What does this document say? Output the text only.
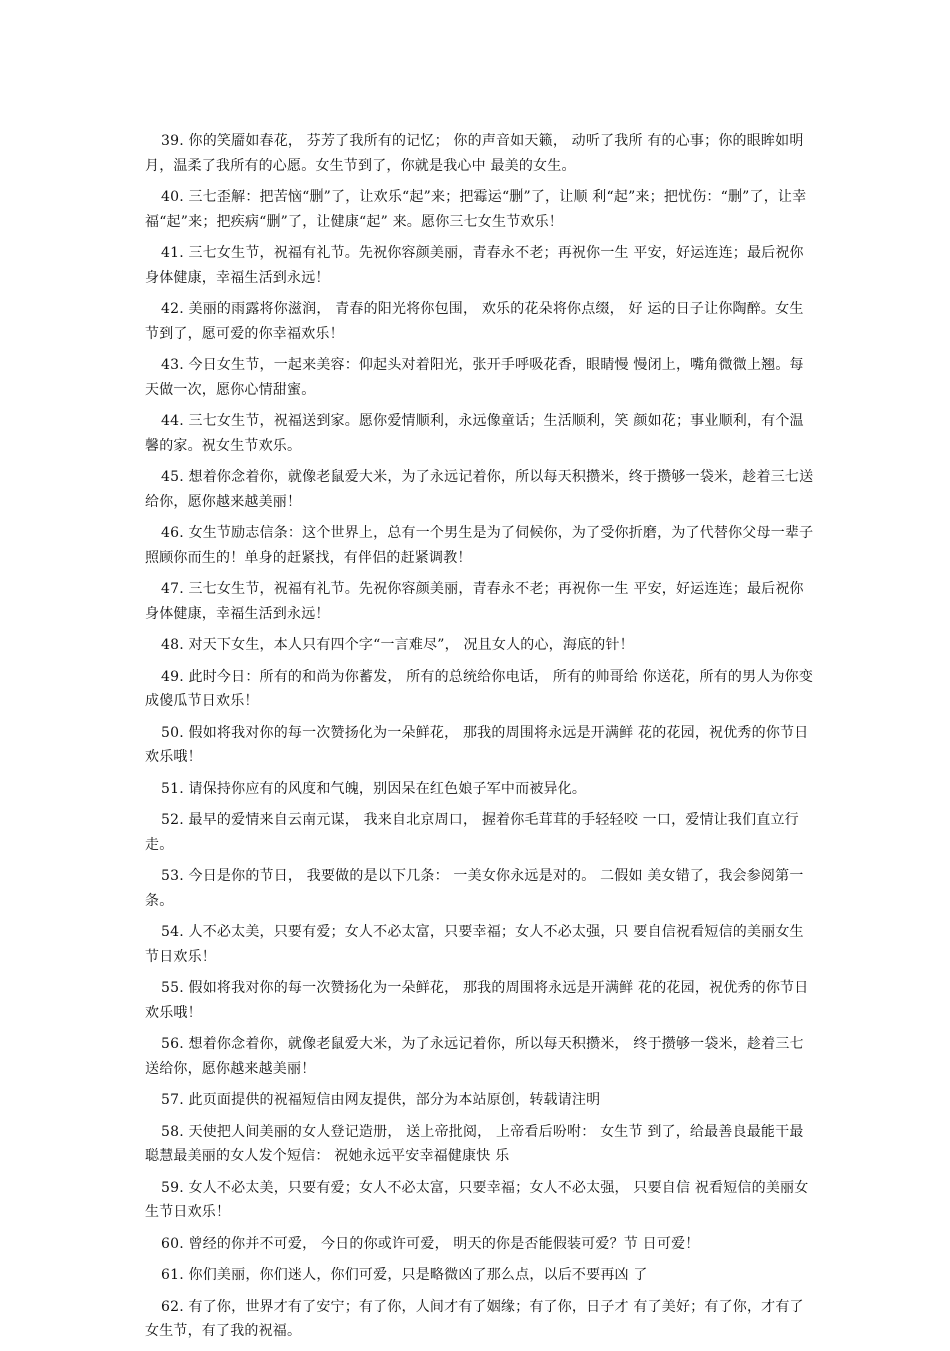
39. 你的笑靥如春花， 芬芳了我所有的记忆； 你的声音如天籁， 动听了我所 有的心事；你的眼眸如明月，温柔了我所有的心愿。女生节到了，你就是我心中 最美的女生。

40. 三七歪解：把苦恼“删”了，让欢乐“起”来；把霉运“删”了，让顺 利“起”来；把忧伤：“删”了，让幸福“起”来；把疾病“删”了，让健康“起” 来。愿你三七女生节欢乐！

41. 三七女生节，祝福有礼节。先祝你容颜美丽，青春永不老；再祝你一生 平安，好运连连；最后祝你身体健康，幸福生活到永远！

42. 美丽的雨露将你滋润， 青春的阳光将你包围， 欢乐的花朵将你点缀， 好 运的日子让你陶醉。女生节到了，愿可爱的你幸福欢乐！

43. 今日女生节，一起来美容：仰起头对着阳光，张开手呼吸花香，眼睛慢 慢闭上，嘴角微微上翘。每天做一次，愿你心情甜蜜。

44. 三七女生节，祝福送到家。愿你爱情顺利，永远像童话；生活顺利，笑 颜如花；事业顺利，有个温馨的家。祝女生节欢乐。

45. 想着你念着你，就像老鼠爱大米，为了永远记着你，所以每天积攒米，终于攒够一袋米，趁着三七送给你，愿你越来越美丽！

46. 女生节励志信条：这个世界上，总有一个男生是为了伺候你，为了受你折磨，为了代替你父母一辈子照顾你而生的！单身的赶紧找，有伴侣的赶紧调教！

47. 三七女生节，祝福有礼节。先祝你容颜美丽，青春永不老；再祝你一生 平安，好运连连；最后祝你身体健康，幸福生活到永远！

48. 对天下女生，本人只有四个字“一言难尽”， 况且女人的心，海底的针！

49. 此时今日：所有的和尚为你蓄发， 所有的总统给你电话， 所有的帅哥给 你送花，所有的男人为你变成傻瓜节日欢乐！

50. 假如将我对你的每一次赞扬化为一朵鲜花， 那我的周围将永远是开满鲜 花的花园，祝优秀的你节日欢乐哦！

51. 请保持你应有的风度和气魄，别因呆在红色娘子军中而被异化。

52. 最早的爱情来自云南元谋， 我来自北京周口， 握着你毛茸茸的手轻轻咬 一口，爱情让我们直立行走。

53. 今日是你的节日， 我要做的是以下几条： 一美女你永远是对的。 二假如 美女错了，我会参阅第一条。

54. 人不必太美，只要有爱；女人不必太富，只要幸福；女人不必太强，只 要自信祝看短信的美丽女生节日欢乐！

55. 假如将我对你的每一次赞扬化为一朵鲜花， 那我的周围将永远是开满鲜 花的花园，祝优秀的你节日欢乐哦！

56. 想着你念着你，就像老鼠爱大米，为了永远记着你，所以每天积攒米， 终于攒够一袋米，趁着三七送给你，愿你越来越美丽！

57. 此页面提供的祝福短信由网友提供，部分为本站原创，转载请注明

58. 天使把人间美丽的女人登记造册， 送上帝批阅， 上帝看后吩咐： 女生节 到了，给最善良最能干最聪慧最美丽的女人发个短信： 祝她永远平安幸福健康快 乐

59. 女人不必太美，只要有爱；女人不必太富，只要幸福；女人不必太强， 只要自信 祝看短信的美丽女生节日欢乐！

60. 曾经的你并不可爱， 今日的你或许可爱， 明天的你是否能假装可爱？节 日可爱！

61. 你们美丽，你们迷人，你们可爱，只是略微凶了那么点，以后不要再凶 了

62. 有了你，世界才有了安宁；有了你，人间才有了姻缘；有了你，日子才 有了美好；有了你，才有了女生节，有了我的祝福。
